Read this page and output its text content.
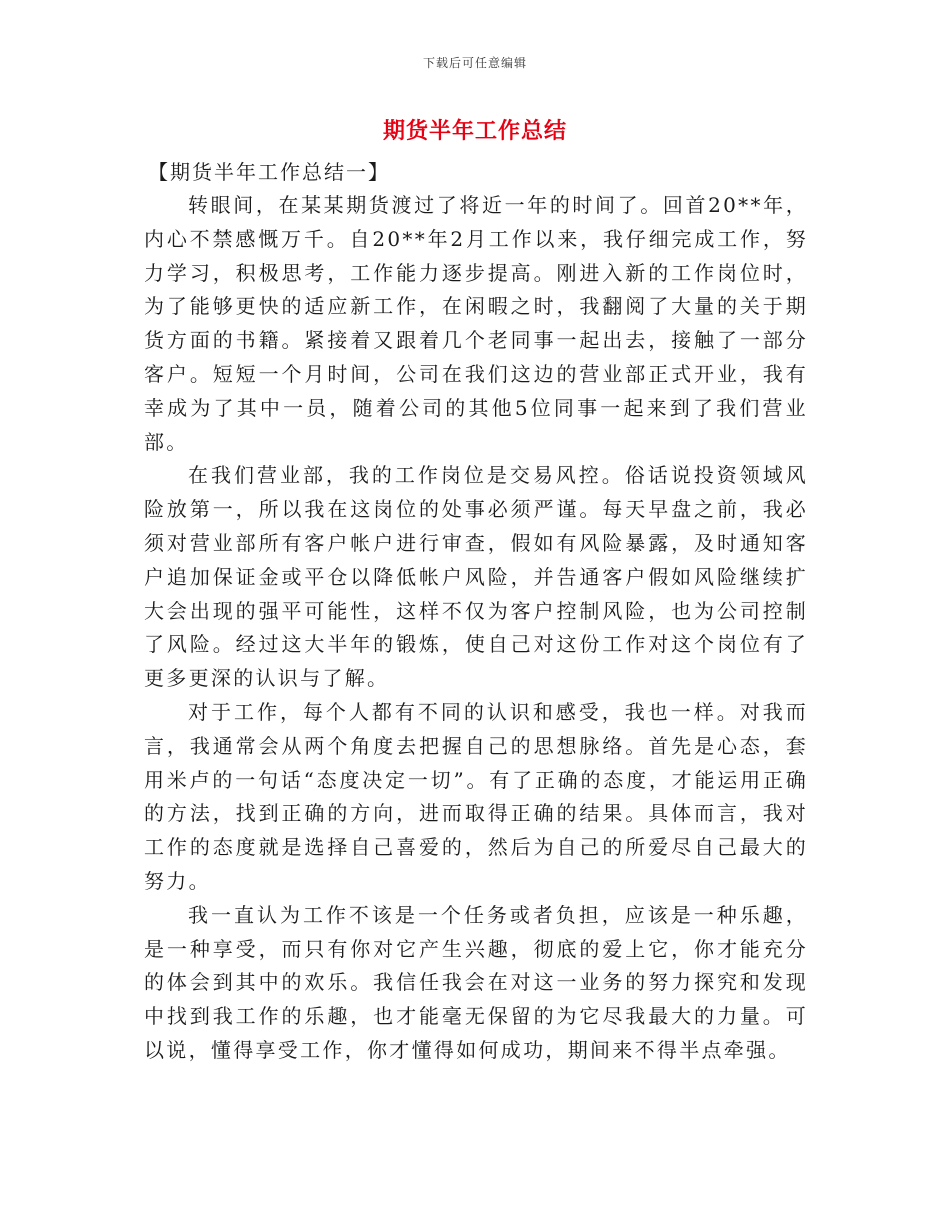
下载后可任意编辑
期货半年工作总结
【期货半年工作总结一】

转眼间，在某某期货渡过了将近一年的时间了。回首20**年，内心不禁感慨万千。自20**年2月工作以来，我仔细完成工作，努力学习，积极思考，工作能力逐步提高。刚进入新的工作岗位时，为了能够更快的适应新工作，在闲暇之时，我翻阅了大量的关于期货方面的书籍。紧接着又跟着几个老同事一起出去，接触了一部分客户。短短一个月时间，公司在我们这边的营业部正式开业，我有幸成为了其中一员，随着公司的其他5位同事一起来到了我们营业部。

在我们营业部，我的工作岗位是交易风控。俗话说投资领域风险放第一，所以我在这岗位的处事必须严谨。每天早盘之前，我必须对营业部所有客户帐户进行审查，假如有风险暴露，及时通知客户追加保证金或平仓以降低帐户风险，并告通客户假如风险继续扩大会出现的强平可能性，这样不仅为客户控制风险，也为公司控制了风险。经过这大半年的锻炼，使自己对这份工作对这个岗位有了更多更深的认识与了解。

对于工作，每个人都有不同的认识和感受，我也一样。对我而言，我通常会从两个角度去把握自己的思想脉络。首先是心态，套用米卢的一句话“态度决定一切”。有了正确的态度，才能运用正确的方法，找到正确的方向，进而取得正确的结果。具体而言，我对工作的态度就是选择自己喜爱的，然后为自己的所爱尽自己最大的努力。

我一直认为工作不该是一个任务或者负担，应该是一种乐趣，是一种享受，而只有你对它产生兴趣，彻底的爱上它，你才能充分的体会到其中的欢乐。我信任我会在对这一业务的努力探究和发现中找到我工作的乐趣，也才能毫无保留的为它尽我最大的力量。可以说，懂得享受工作，你才懂得如何成功，期间来不得半点牵强。
